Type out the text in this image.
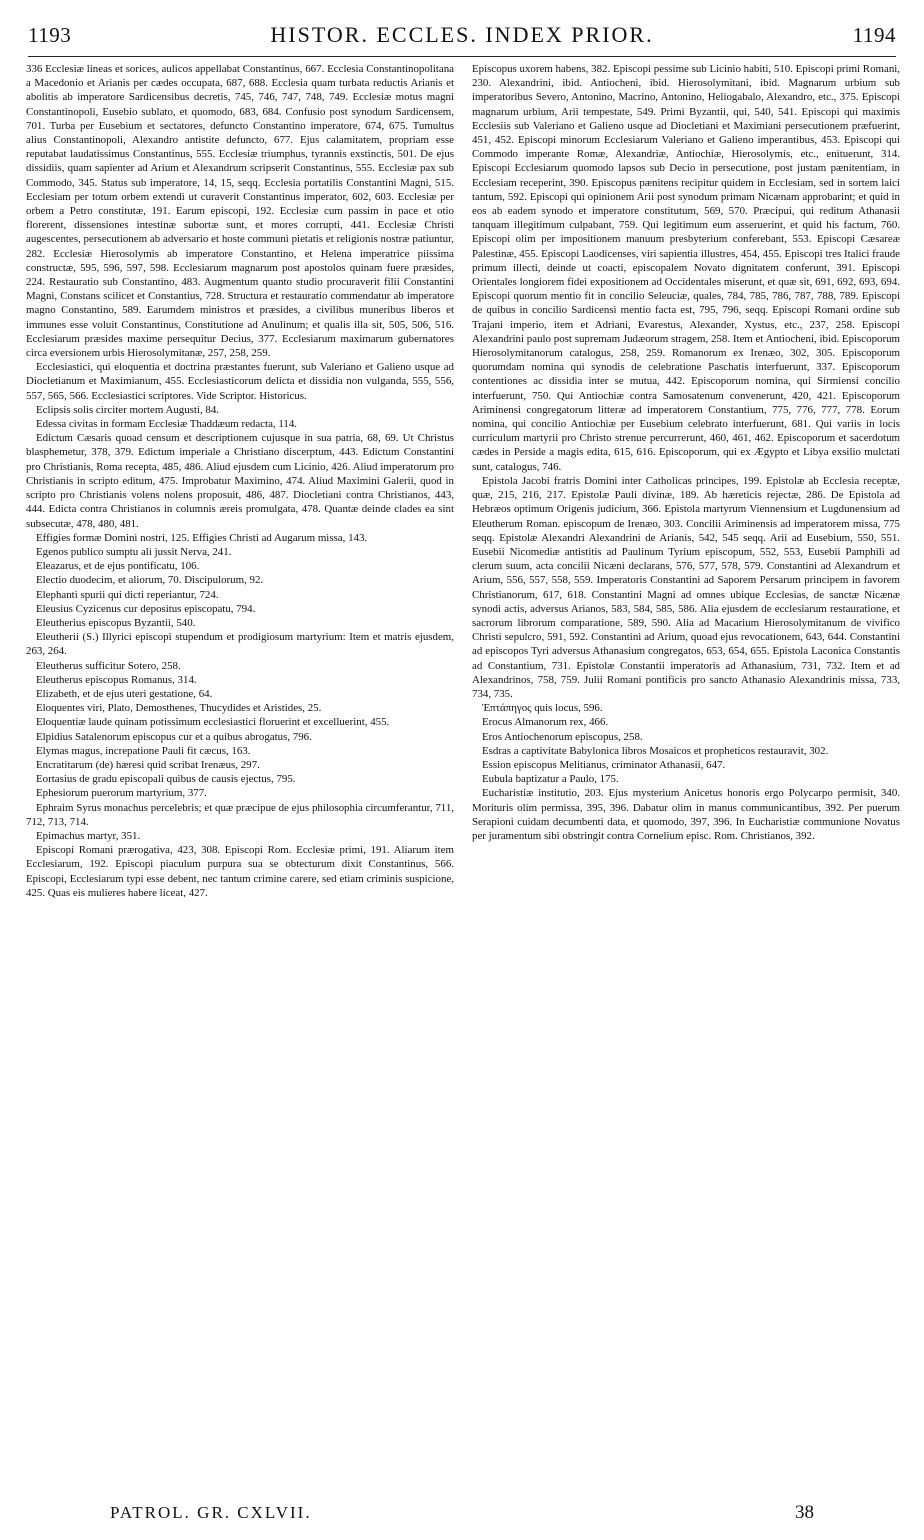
1193	HISTOR. ECCLES. INDEX PRIOR.	1194

336 Ecclesiæ lineas et sorices, aulicos appellabat Constantinus, 667. Ecclesia Constantinopolitana a Macedonio et Arianis per cædes occupata, 687, 688. Ecclesia quam turbata reductis Arianis et abolitis ab imperatore Sardicensibus decretis, 745, 746, 747, 748, 749. Ecclesiæ motus magni Constantinopoli, Eusebio sublato, et quomodo, 683, 684. Confusio post synodum Sardicensem, 701. Turba per Eusebium et sectatores, defuncto Constantino imperatore, 674, 675. Tumultus alius Constantinopoli, Alexandro antistite defuncto, 677. Ejus calamitatem, propriam esse reputabat laudatissimus Constantinus, 555. Ecclesiæ triumphus, tyrannis exstinctis, 501. De ejus dissidiis, quam sapienter ad Arium et Alexandrum scripserit Constantinus, 555. Ecclesiæ pax sub Commodo, 345. Status sub imperatore, 14, 15, seqq. Ecclesia portatilis Constantini Magni, 515. Ecclesiam per totum orbem extendi ut curaverit Constantinus imperator, 602, 603. Ecclesiæ per orbem a Petro constitutæ, 191. Earum episcopi, 192. Ecclesiæ cum passim in pace et otio florerent, dissensiones intestinæ subortæ sunt, et mores corrupti, 441. Ecclesiæ Christi augescentes, persecutionem ab adversario et hoste communi pietatis et religionis nostræ patiuntur, 282. Ecclesiæ Hierosolymis ab imperatore Constantino, et Helena imperatrice piissima constructæ, 595, 596, 597, 598. Ecclesiarum magnarum post apostolos quinam fuere præsides, 224. Restauratio sub Constantino, 483. Augmentum quanto studio procuraverit filii Constantini Magni, Constans scilicet et Constantius, 728. Structura et restauratio commendatur ab imperatore magno Constantino, 589. Earumdem ministros et præsides, a civilibus muneribus liberos et immunes esse voluit Constantinus, Constitutione ad Anulinum; et qualis illa sit, 505, 506, 516. Ecclesiarum præsides maxime persequitur Decius, 377. Ecclesiarum maximarum gubernatores circa eversionem urbis Hierosolymitanæ, 257, 258, 259.

Ecclesiastici, qui eloquentia et doctrina præstantes fuerunt, sub Valeriano et Galieno usque ad Diocletianum et Maximianum, 455. Ecclesiasticorum delicta et dissidia non vulganda, 555, 556, 557, 565, 566. Ecclesiastici scriptores. Vide Scriptor. Historicus.

Eclipsis solis circiter mortem Augusti, 84.

Edessa civitas in formam Ecclesiæ Thaddæum redacta, 114.

Edictum Cæsaris quoad censum et descriptionem cujusque in sua patria, 68, 69. Ut Christus blasphemetur, 378, 379. Edictum imperiale a Christiano discerptum, 443. Edictum Constantini pro Christianis, Roma recepta, 485, 486. Aliud ejusdem cum Licinio, 426. Aliud imperatorum pro Christianis in scripto editum, 475. Improbatur Maximino, 474. Aliud Maximini Galerii, quod in scripto pro Christianis volens nolens proposuit, 486, 487. Diocletiani contra Christianos, 443, 444. Edicta contra Christianos in columnis æreis promulgata, 478. Quantæ deinde clades ea sint subsecutæ, 478, 480, 481.

Effigies formæ Domini nostri, 125. Effigies Christi ad Augarum missa, 143.

Egenos publico sumptu ali jussit Nerva, 241.

Eleazarus, et de ejus pontificatu, 106.

Electio duodecim, et aliorum, 70. Discipulorum, 92.

Elephanti spurii qui dicti reperiantur, 724.

Eleusius Cyzicenus cur depositus episcopatu, 794.

Eleutherius episcopus Byzantii, 540.

Eleutherii (S.) Illyrici episcopi stupendum et prodigiosum martyrium: Item et matris ejusdem, 263, 264.

Eleutherus sufficitur Sotero, 258.

Eleutherus episcopus Romanus, 314.

Elizabeth, et de ejus uteri gestatione, 64.

Eloquentes viri, Plato, Demosthenes, Thucydides et Aristides, 25.

Eloquentiæ laude quinam potissimum ecclesiastici floruerint et excelluerint, 455.

Elpidius Satalenorum episcopus cur et a quibus abrogatus, 796.

Elymas magus, increpatione Pauli fit cæcus, 163.

Encratitarum (de) hæresi quid scribat Irenæus, 297.

Eortasius de gradu episcopali quibus de causis ejectus, 795.

Ephesiorum puerorum martyrium, 377.

Ephraim Syrus monachus percelebris; et quæ præcipue de ejus philosophia circumferantur, 711, 712, 713, 714.

Epimachus martyr, 351.

Episcopi Romani prærogativa, 423, 308. Episcopi Rom. Ecclesiæ primi, 191. Aliarum item Ecclesiarum, 192. Episcopi piaculum purpura sua se obtecturum dixit Constantinus, 566. Episcopi, Ecclesiarum typi esse debent, nec tantum crimine carere, sed etiam criminis suspicione, 425. Quas eis mulieres habere liceat, 427.

Episcopus uxorem habens, 382. Episcopi pessime sub Licinio habiti, 510. Episcopi primi Romani, 230. Alexandrini, ibid. Antiocheni, ibid. Hierosolymitani, ibid. Magnarum urbium sub imperatoribus Severo, Antonino, Macrino, Antonino, Heliogabalo, Alexandro, etc., 375. Episcopi magnarum urbium, Arii tempestate, 549. Primi Byzantii, qui, 540, 541. Episcopi qui maximis Ecclesiis sub Valeriano et Galieno usque ad Diocletiani et Maximiani persecutionem præfuerint, 451, 452. Episcopi minorum Ecclesiarum Valeriano et Galieno imperantibus, 453. Episcopi qui Commodo imperante Romæ, Alexandriæ, Antiochiæ, Hierosolymis, etc., enituerunt, 314. Episcopi Ecclesiarum quomodo lapsos sub Decio in persecutione, post justam pænitentiam, in Ecclesiam receperint, 390. Episcopus pænitens recipitur quidem in Ecclesiam, sed in sortem laici tantum, 592. Episcopi qui opinionem Arii post synodum primam Nicænam approbarint; et quid in eos ab eadem synodo et imperatore constitutum, 569, 570. Præcipui, qui reditum Athanasii tanquam illegitimum culpabant, 759. Qui legitimum eum asseruerint, et quid his factum, 760. Episcopi olim per impositionem manuum presbyterium conferebant, 553. Episcopi Cæsareæ Palestinæ, 455. Episcopi Laodicenses, viri sapientia illustres, 454, 455. Episcopi tres Italici fraude primum illecti, deinde ut coacti, episcopalem Novato dignitatem conferunt, 391. Episcopi Orientales longiorem fidei expositionem ad Occidentales miserunt, et quæ sit, 691, 692, 693, 694. Episcopi quorum mentio fit in concilio Seleuciæ, quales, 784, 785, 786, 787, 788, 789. Episcopi de quibus in concilio Sardicensi mentio facta est, 795, 796, seqq. Episcopi Romani ordine sub Trajani imperio, item et Adriani, Evarestus, Alexander, Xystus, etc., 237, 258. Episcopi Alexandrini paulo post supremam Judæorum stragem, 258. Item et Antiocheni, ibid. Episcoporum Hierosolymitanorum catalogus, 258, 259. Romanorum ex Irenæo, 302, 305. Episcoporum quorumdam nomina qui synodis de celebratione Paschatis interfuerunt, 337. Episcoporum contentiones ac dissidia inter se mutua, 442. Episcoporum nomina, qui Sirmiensi concilio interfuerunt, 750. Qui Antiochiæ contra Samosatenum convenerunt, 420, 421. Episcoporum Ariminensi congregatorum litteræ ad imperatorem Constantium, 775, 776, 777, 778. Eorum nomina, qui concilio Antiochiæ per Eusebium celebrato interfuerunt, 681. Qui variis in locis curriculum martyrii pro Christo strenue percurrerunt, 460, 461, 462. Episcoporum et sacerdotum cædes in Perside a magis edita, 615, 616. Episcoporum, qui ex Ægypto et Libya exsilio mulctati sunt, catalogus, 746.

Epistola Jacobi fratris Domini inter Catholicas principes, 199. Epistolæ ab Ecclesia receptæ, quæ, 215, 216, 217. Epistolæ Pauli divinæ, 189. Ab hæreticis rejectæ, 286. De Epistola ad Hebræos optimum Origenis judicium, 366. Epistola martyrum Viennensium et Lugdunensium ad Eleutherum Roman. episcopum de Irenæo, 303. Concilii Ariminensis ad imperatorem missa, 775 seqq. Epistolæ Alexandri Alexandrini de Arianis, 542, 545 seqq. Arii ad Eusebium, 550, 551. Eusebii Nicomediæ antistitis ad Paulinum Tyrium episcopum, 552, 553, Eusebii Pamphili ad clerum suum, acta concilii Nicæni declarans, 576, 577, 578, 579. Constantini ad Alexandrum et Arium, 556, 557, 558, 559. Imperatoris Constantini ad Saporem Persarum principem in favorem Christianorum, 617, 618. Constantini Magni ad omnes ubique Ecclesias, de sanctæ Nicænæ synodi actis, adversus Arianos, 583, 584, 585, 586. Alia ejusdem de ecclesiarum restauratione, et sacrorum librorum comparatione, 589, 590. Alia ad Macarium Hierosolymitanum de vivifico Christi sepulcro, 591, 592. Constantini ad Arium, quoad ejus revocationem, 643, 644. Constantini ad episcopos Tyri adversus Athanasium congregatos, 653, 654, 655. Epistola Laconica Constantis ad Constantium, 731. Epistolæ Constantii imperatoris ad Athanasium, 731, 732. Item et ad Alexandrinos, 758, 759. Julii Romani pontificis pro sancto Athanasio Alexandrinis missa, 733, 734, 735.

Ἑπτάπηγος quis locus, 596.

Erocus Almanorum rex, 466.

Eros Antiochenorum episcopus, 258.

Esdras a captivitate Babylonica libros Mosaicos et propheticos restauravit, 302.

Ession episcopus Melitianus, criminator Athanasii, 647.

Eubula baptizatur a Paulo, 175.

Eucharistiæ institutio, 203. Ejus mysterium Anicetus honoris ergo Polycarpo permisit, 340. Morituris olim permissa, 395, 396. Dabatur olim in manus communicantibus, 392. Per puerum Serapioni cuidam decumbenti data, et quomodo, 397, 396. In Eucharistiæ communione Novatus per juramentum sibi obstringit contra Cornelium episc. Rom. Christianos, 392.

PATROL. GR. CXLVII.	38
